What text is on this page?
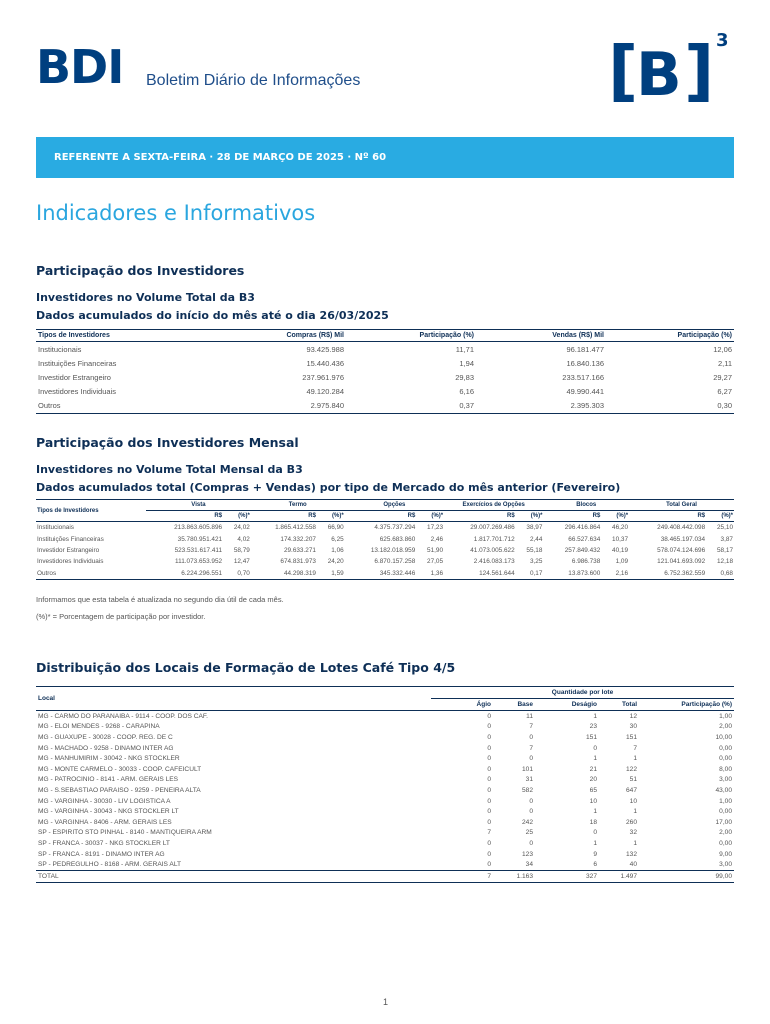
BDI Boletim Diário de Informações	[
B ] 3
REFERENTE A SEXTA-FEIRA · 28 DE MARÇO DE 2025 · Nº 60
Indicadores e Informativos
Participação dos Investidores
Investidores no Volume Total da B3
Dados acumulados do início do mês até o dia 26/03/2025
Tipos de Investidores	Compras (R$) Mil	Participação (%)	Vendas (R$) Mil	Participação (%)
Institucionais	93.425.988	11,71	96.181.477	12,06
Instituições Financeiras	15.440.436	1,94	16.840.136	2,11
Investidor Estrangeiro	237.961.976	29,83	233.517.166	29,27
Investidores Individuais	49.120.284	6,16	49.990.441	6,27
Outros	2.975.840	0,37	2.395.303	0,30
Participação dos Investidores Mensal
Investidores no Volume Total Mensal da B3
Dados acumulados total (Compras + Vendas) por tipo de Mercado do mês anterior (Fevereiro)
Tipos de Investidores	Vista		Termo		Opções		Exercícios de Opções		Blocos		Total Geral	
	R$	(%)*	R$	(%)*	R$	(%)*	R$	(%)*	R$	(%)*	R$	(%)*
Institucionais	213.863.605.896	24,02	1.865.412.558	66,90	4.375.737.294	17,23	29.007.269.486	38,97	296.416.864	46,20	249.408.442.098	25,10
Instituições Financeiras	35.780.951.421	4,02	174.332.207	6,25	625.683.860	2,46	1.817.701.712	2,44	66.527.634	10,37	38.465.197.034	3,87
Investidor Estrangeiro	523.531.617.411	58,79	29.633.271	1,06	13.182.018.959	51,90	41.073.005.622	55,18	257.849.432	40,19	578.074.124.696	58,17
Investidores Individuais	111.073.653.952	12,47	674.831.973	24,20	6.870.157.258	27,05	2.416.083.173	3,25	6.986.738	1,09	121.041.693.092	12,18
Outros	6.224.296.551	0,70	44.298.319	1,59	345.332.446	1,36	124.561.644	0,17	13.873.600	2,16	6.752.362.559	0,68
Informamos que esta tabela é atualizada no segundo dia útil de cada mês.
(%)* = Porcentagem de participação por investidor.
Distribuição dos Locais de Formação de Lotes Café Tipo 4/5
Local	Quantidade por lote				
	Ágio	Base	Deságio	Total	Participação (%)
MG - CARMO DO PARANAIBA - 9114 - COOP. DOS CAF.	0	11	1	12	1,00
MG - ELOI MENDES - 9268 - CARAPINA	0	7	23	30	2,00
MG - GUAXUPE - 30028 - COOP. REG. DE C	0	0	151	151	10,00
MG - MACHADO - 9258 - DINAMO INTER AG	0	7	0	7	0,00
MG - MANHUMIRIM - 30042 - NKG STOCKLER	0	0	1	1	0,00
MG - MONTE CARMELO - 30033 - COOP. CAFEICULT	0	101	21	122	8,00
MG - PATROCINIO - 8141 - ARM. GERAIS LES	0	31	20	51	3,00
MG - S.SEBASTIAO PARAISO - 9259 - PENEIRA ALTA	0	582	65	647	43,00
MG - VARGINHA - 30030 - LIV LOGISTICA A	0	0	10	10	1,00
MG - VARGINHA - 30043 - NKG STOCKLER LT	0	0	1	1	0,00
MG - VARGINHA - 8406 - ARM. GERAIS LES	0	242	18	260	17,00
SP - ESPIRITO STO PINHAL - 8140 - MANTIQUEIRA ARM	7	25	0	32	2,00
SP - FRANCA - 30037 - NKG STOCKLER LT	0	0	1	1	0,00
SP - FRANCA - 8191 - DINAMO INTER AG	0	123	9	132	9,00
SP - PEDREGULHO - 8168 - ARM. GERAIS ALT	0	34	6	40	3,00
TOTAL	7	1.163	327	1.497	99,00
1
